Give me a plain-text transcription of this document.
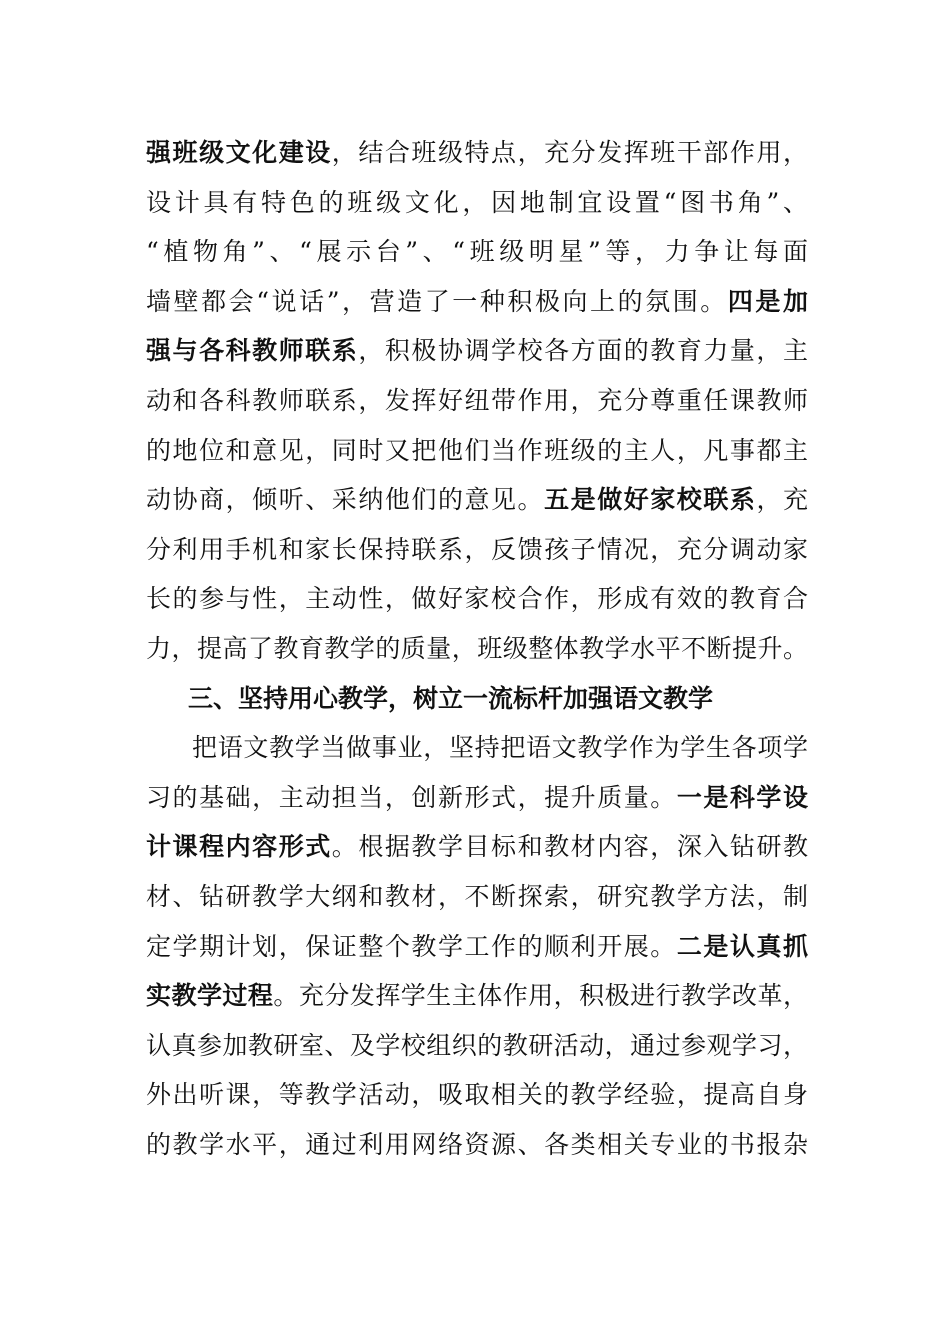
强班级文化建设，结合班级特点，充分发挥班干部作用，
设计具有特色的班级文化，因地制宜设置“图书角”、
“植物角”、“展示台”、“班级明星”等，力争让每面
墙壁都会“说话”，营造了一种积极向上的氛围。四是加
强与各科教师联系，积极协调学校各方面的教育力量，主
动和各科教师联系，发挥好纽带作用，充分尊重任课教师
的地位和意见，同时又把他们当作班级的主人，凡事都主
动协商，倾听、采纳他们的意见。五是做好家校联系，充
分利用手机和家长保持联系，反馈孩子情况，充分调动家
长的参与性，主动性，做好家校合作，形成有效的教育合
力，提高了教育教学的质量，班级整体教学水平不断提升。
三、坚持用心教学，树立一流标杆加强语文教学
把语文教学当做事业，坚持把语文教学作为学生各项学
习的基础，主动担当，创新形式，提升质量。一是科学设
计课程内容形式。根据教学目标和教材内容，深入钻研教
材、钻研教学大纲和教材，不断探索，研究教学方法，制
定学期计划，保证整个教学工作的顺利开展。二是认真抓
实教学过程。充分发挥学生主体作用，积极进行教学改革，
认真参加教研室、及学校组织的教研活动，通过参观学习，
外出听课，等教学活动，吸取相关的教学经验，提高自身
的教学水平，通过利用网络资源、各类相关专业的书报杂
